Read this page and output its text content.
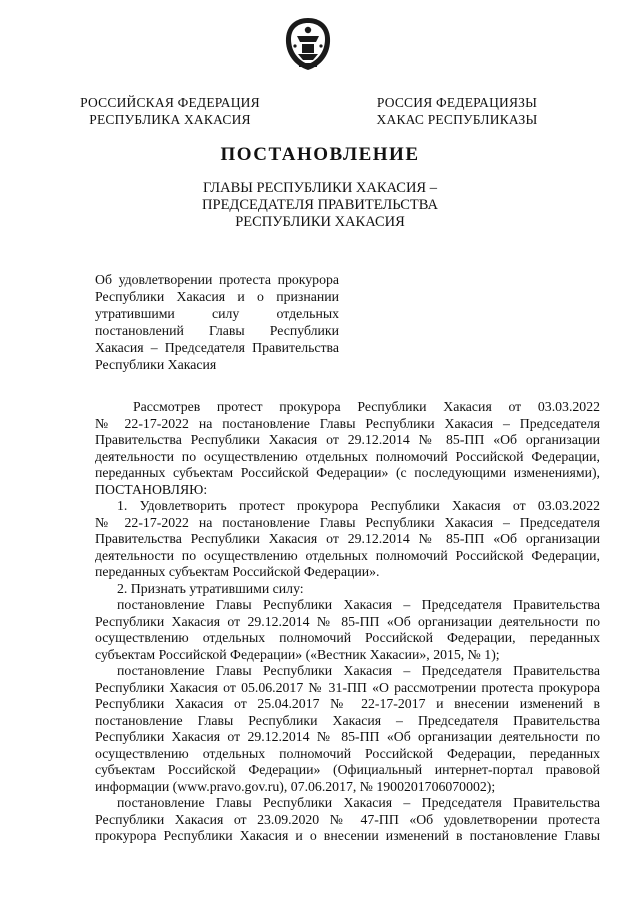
РОССИЙСКАЯ ФЕДЕРАЦИЯ
РЕСПУБЛИКА ХАКАСИЯ
РОССИЯ ФЕДЕРАЦИЯЗЫ
ХАКАС РЕСПУБЛИКАЗЫ
ПОСТАНОВЛЕНИЕ
ГЛАВЫ РЕСПУБЛИКИ ХАКАСИЯ –
ПРЕДСЕДАТЕЛЯ ПРАВИТЕЛЬСТВА
РЕСПУБЛИКИ ХАКАСИЯ
Об удовлетворении протеста прокурора
Республики Хакасия и о признании
утратившими силу отдельных
постановлений Главы Республики
Хакасия – Председателя Правительства
Республики Хакасия
Рассмотрев протест прокурора Республики Хакасия от 03.03.2022
№ 22-17-2022 на постановление Главы Республики Хакасия – Председателя
Правительства Республики Хакасия от 29.12.2014 № 85-ПП «Об организации
деятельности по осуществлению отдельных полномочий Российской Федерации,
переданных субъектам Российской Федерации» (с последующими изменениями),
ПОСТАНОВЛЯЮ:
1. Удовлетворить протест прокурора Республики Хакасия от 03.03.2022
№ 22-17-2022 на постановление Главы Республики Хакасия – Председателя
Правительства Республики Хакасия от 29.12.2014 № 85-ПП «Об организации
деятельности по осуществлению отдельных полномочий Российской Федерации,
переданных субъектам Российской Федерации».
2. Признать утратившими силу:
постановление Главы Республики Хакасия – Председателя Правительства
Республики Хакасия от 29.12.2014 № 85-ПП «Об организации деятельности по
осуществлению отдельных полномочий Российской Федерации, переданных
субъектам Российской Федерации» («Вестник Хакасии», 2015, № 1);
постановление Главы Республики Хакасия – Председателя Правительства
Республики Хакасия от 05.06.2017 № 31-ПП «О рассмотрении протеста прокурора
Республики Хакасия от 25.04.2017 № 22-17-2017 и внесении изменений в
постановление Главы Республики Хакасия – Председателя Правительства
Республики Хакасия от 29.12.2014 № 85-ПП «Об организации деятельности по
осуществлению отдельных полномочий Российской Федерации, переданных
субъектам Российской Федерации» (Официальный интернет-портал правовой
информации (www.pravo.gov.ru), 07.06.2017, № 1900201706070002);
постановление Главы Республики Хакасия – Председателя Правительства
Республики Хакасия от 23.09.2020 № 47-ПП «Об удовлетворении протеста
прокурора Республики Хакасия и о внесении изменений в постановление Главы
